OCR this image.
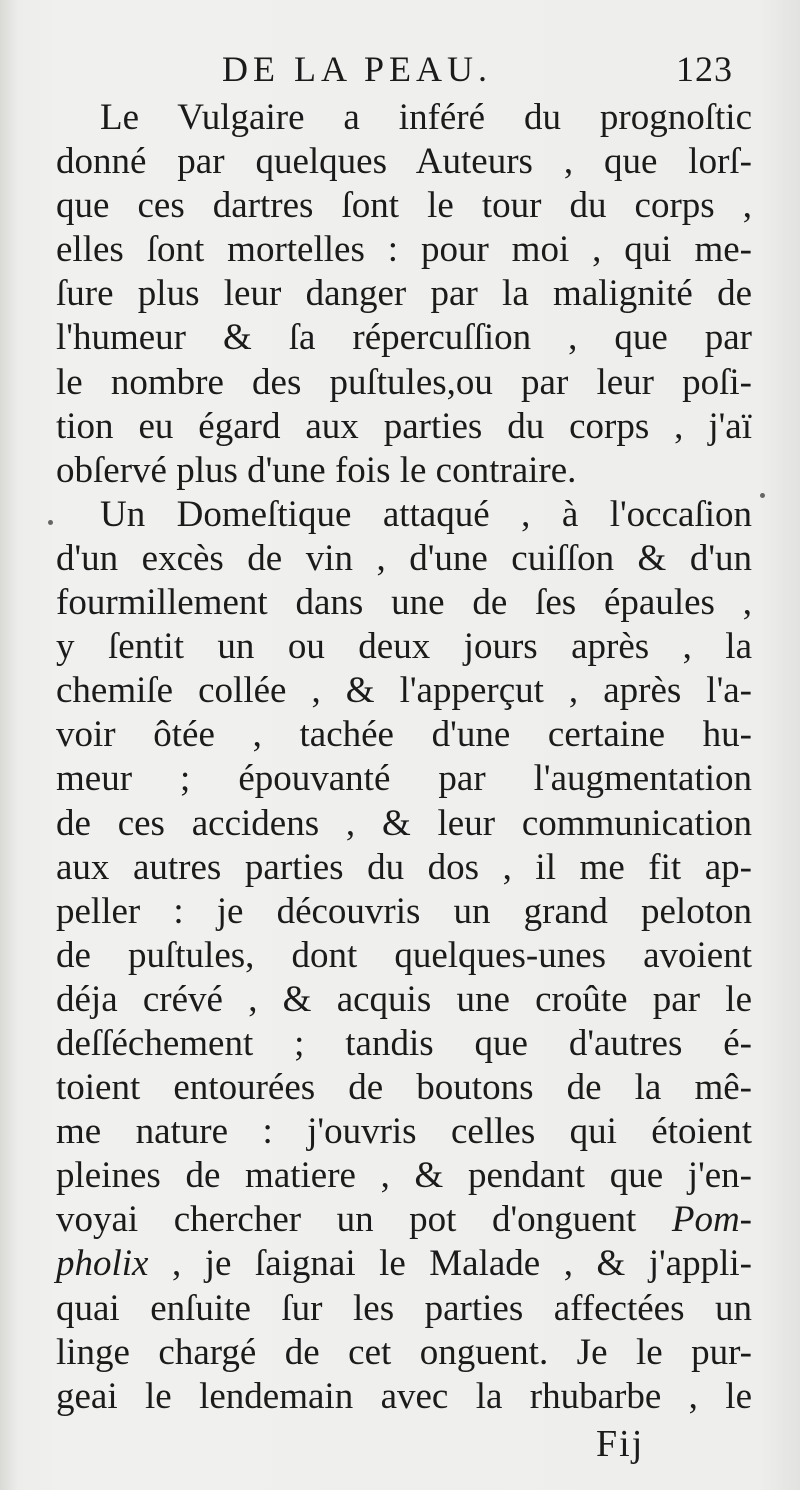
DE LA PEAU.	123
Le Vulgaire a inféré du prognoſtic
donné par quelques Auteurs , que lorſ-
que ces dartres ſont le tour du corps ,
elles ſont mortelles : pour moi , qui me-
ſure plus leur danger par la malignité de
l'humeur & ſa répercuſſion , que par
le nombre des puſtules,ou par leur poſi-
tion eu égard aux parties du corps , j'aï
obſervé plus d'une fois le contraire.
Un Domeſtique attaqué , à l'occaſion
d'un excès de vin , d'une cuiſſon & d'un
fourmillement dans une de ſes épaules ,
y ſentit un ou deux jours après , la
chemiſe collée , & l'apperçut , après l'a-
voir ôtée , tachée d'une certaine hu-
meur ; épouvanté par l'augmentation
de ces accidens , & leur communication
aux autres parties du dos , il me fit ap-
peller : je découvris un grand peloton
de puſtules, dont quelques-unes avoient
déja crévé , & acquis une croûte par le
deſſéchement ; tandis que d'autres é-
toient entourées de boutons de la mê-
me nature : j'ouvris celles qui étoient
pleines de matiere , & pendant que j'en-
voyai chercher un pot d'onguent Pom-
pholix , je ſaignai le Malade , & j'appli-
quai enſuite ſur les parties affectées un
linge chargé de cet onguent. Je le pur-
geai le lendemain avec la rhubarbe , le
Fij
